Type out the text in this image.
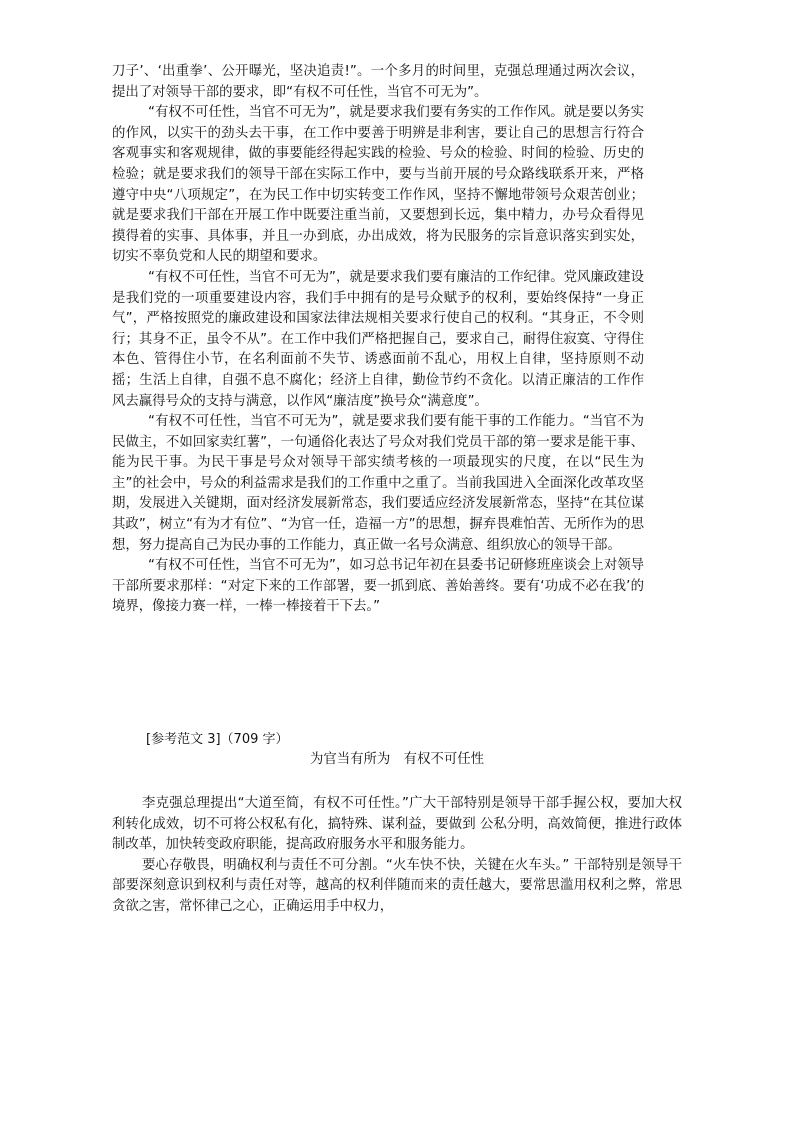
刀子’、‘出重拳’、公开曝光，坚决追责!”。一个多月的时间里，克强总理通过两次会议，提出了对领导干部的要求，即“有权不可任性，当官不可无为”。

“有权不可任性，当官不可无为”，就是要求我们要有务实的工作作风。就是要以务实的作风，以实干的劲头去干事，在工作中要善于明辨是非利害，要让自己的思想言行符合客观事实和客观规律，做的事要能经得起实践的检验、号众的检验、时间的检验、历史的检验；就是要求我们的领导干部在实际工作中，要与当前开展的号众路线联系开来，严格遵守中央“八项规定”，在为民工作中切实转变工作作风，坚持不懈地带领号众艰苦创业；就是要求我们干部在开展工作中既要注重当前，又要想到长远，集中精力，办号众看得见摸得着的实事、具体事，并且一办到底，办出成效，将为民服务的宗旨意识落实到实处，切实不辜负党和人民的期望和要求。

“有权不可任性，当官不可无为”，就是要求我们要有廉洁的工作纪律。党风廉政建设是我们党的一项重要建设内容，我们手中拥有的是号众赋予的权利，要始终保持“一身正气”，严格按照党的廉政建设和国家法律法规相关要求行使自己的权利。“其身正，不令则行；其身不正，虽令不从”。在工作中我们严格把握自己，要求自己，耐得住寂寞、守得住本色、管得住小节，在名利面前不失节、诱惑面前不乱心，用权上自律，坚持原则不动摇；生活上自律，自强不息不腐化；经济上自律，勤俭节约不贪化。以清正廉洁的工作作风去赢得号众的支持与满意，以作风“廉洁度”换号众“满意度”。

“有权不可任性，当官不可无为”，就是要求我们要有能干事的工作能力。“当官不为民做主，不如回家卖红薯”，一句通俗化表达了号众对我们党员干部的第一要求是能干事、能为民干事。为民干事是号众对领导干部实绩考核的一项最现实的尺度，在以“民生为主”的社会中，号众的利益需求是我们的工作重中之重了。当前我国进入全面深化改革攻坚期，发展进入关键期，面对经济发展新常态，我们要适应经济发展新常态，坚持“在其位谋其政”，树立“有为才有位”、“为官一任，造福一方”的思想，摒弃畏难怕苦、无所作为的思想，努力提高自己为民办事的工作能力，真正做一名号众满意、组织放心的领导干部。

“有权不可任性，当官不可无为”，如习总书记年初在县委书记研修班座谈会上对领导干部所要求那样：“对定下来的工作部署，要一抓到底、善始善终。要有‘功成不必在我’的境界，像接力赛一样，一棒一棒接着干下去。”

[参考范文 3]（709 字）
为官当有所为　有权不可任性

李克强总理提出“大道至简，有权不可任性。”广大干部特别是领导干部手握公权，要加大权利转化成效，切不可将公权私有化，搞特殊、谋利益，要做到 公私分明，高效简便，推进行政体制改革，加快转变政府职能，提高政府服务水平和服务能力。

要心存敬畏，明确权利与责任不可分割。“火车快不快，关键在火车头。” 干部特别是领导干部要深刻意识到权利与责任对等，越高的权利伴随而来的责任越大，要常思滥用权利之弊，常思贪欲之害，常怀律己之心，正确运用手中权力，
